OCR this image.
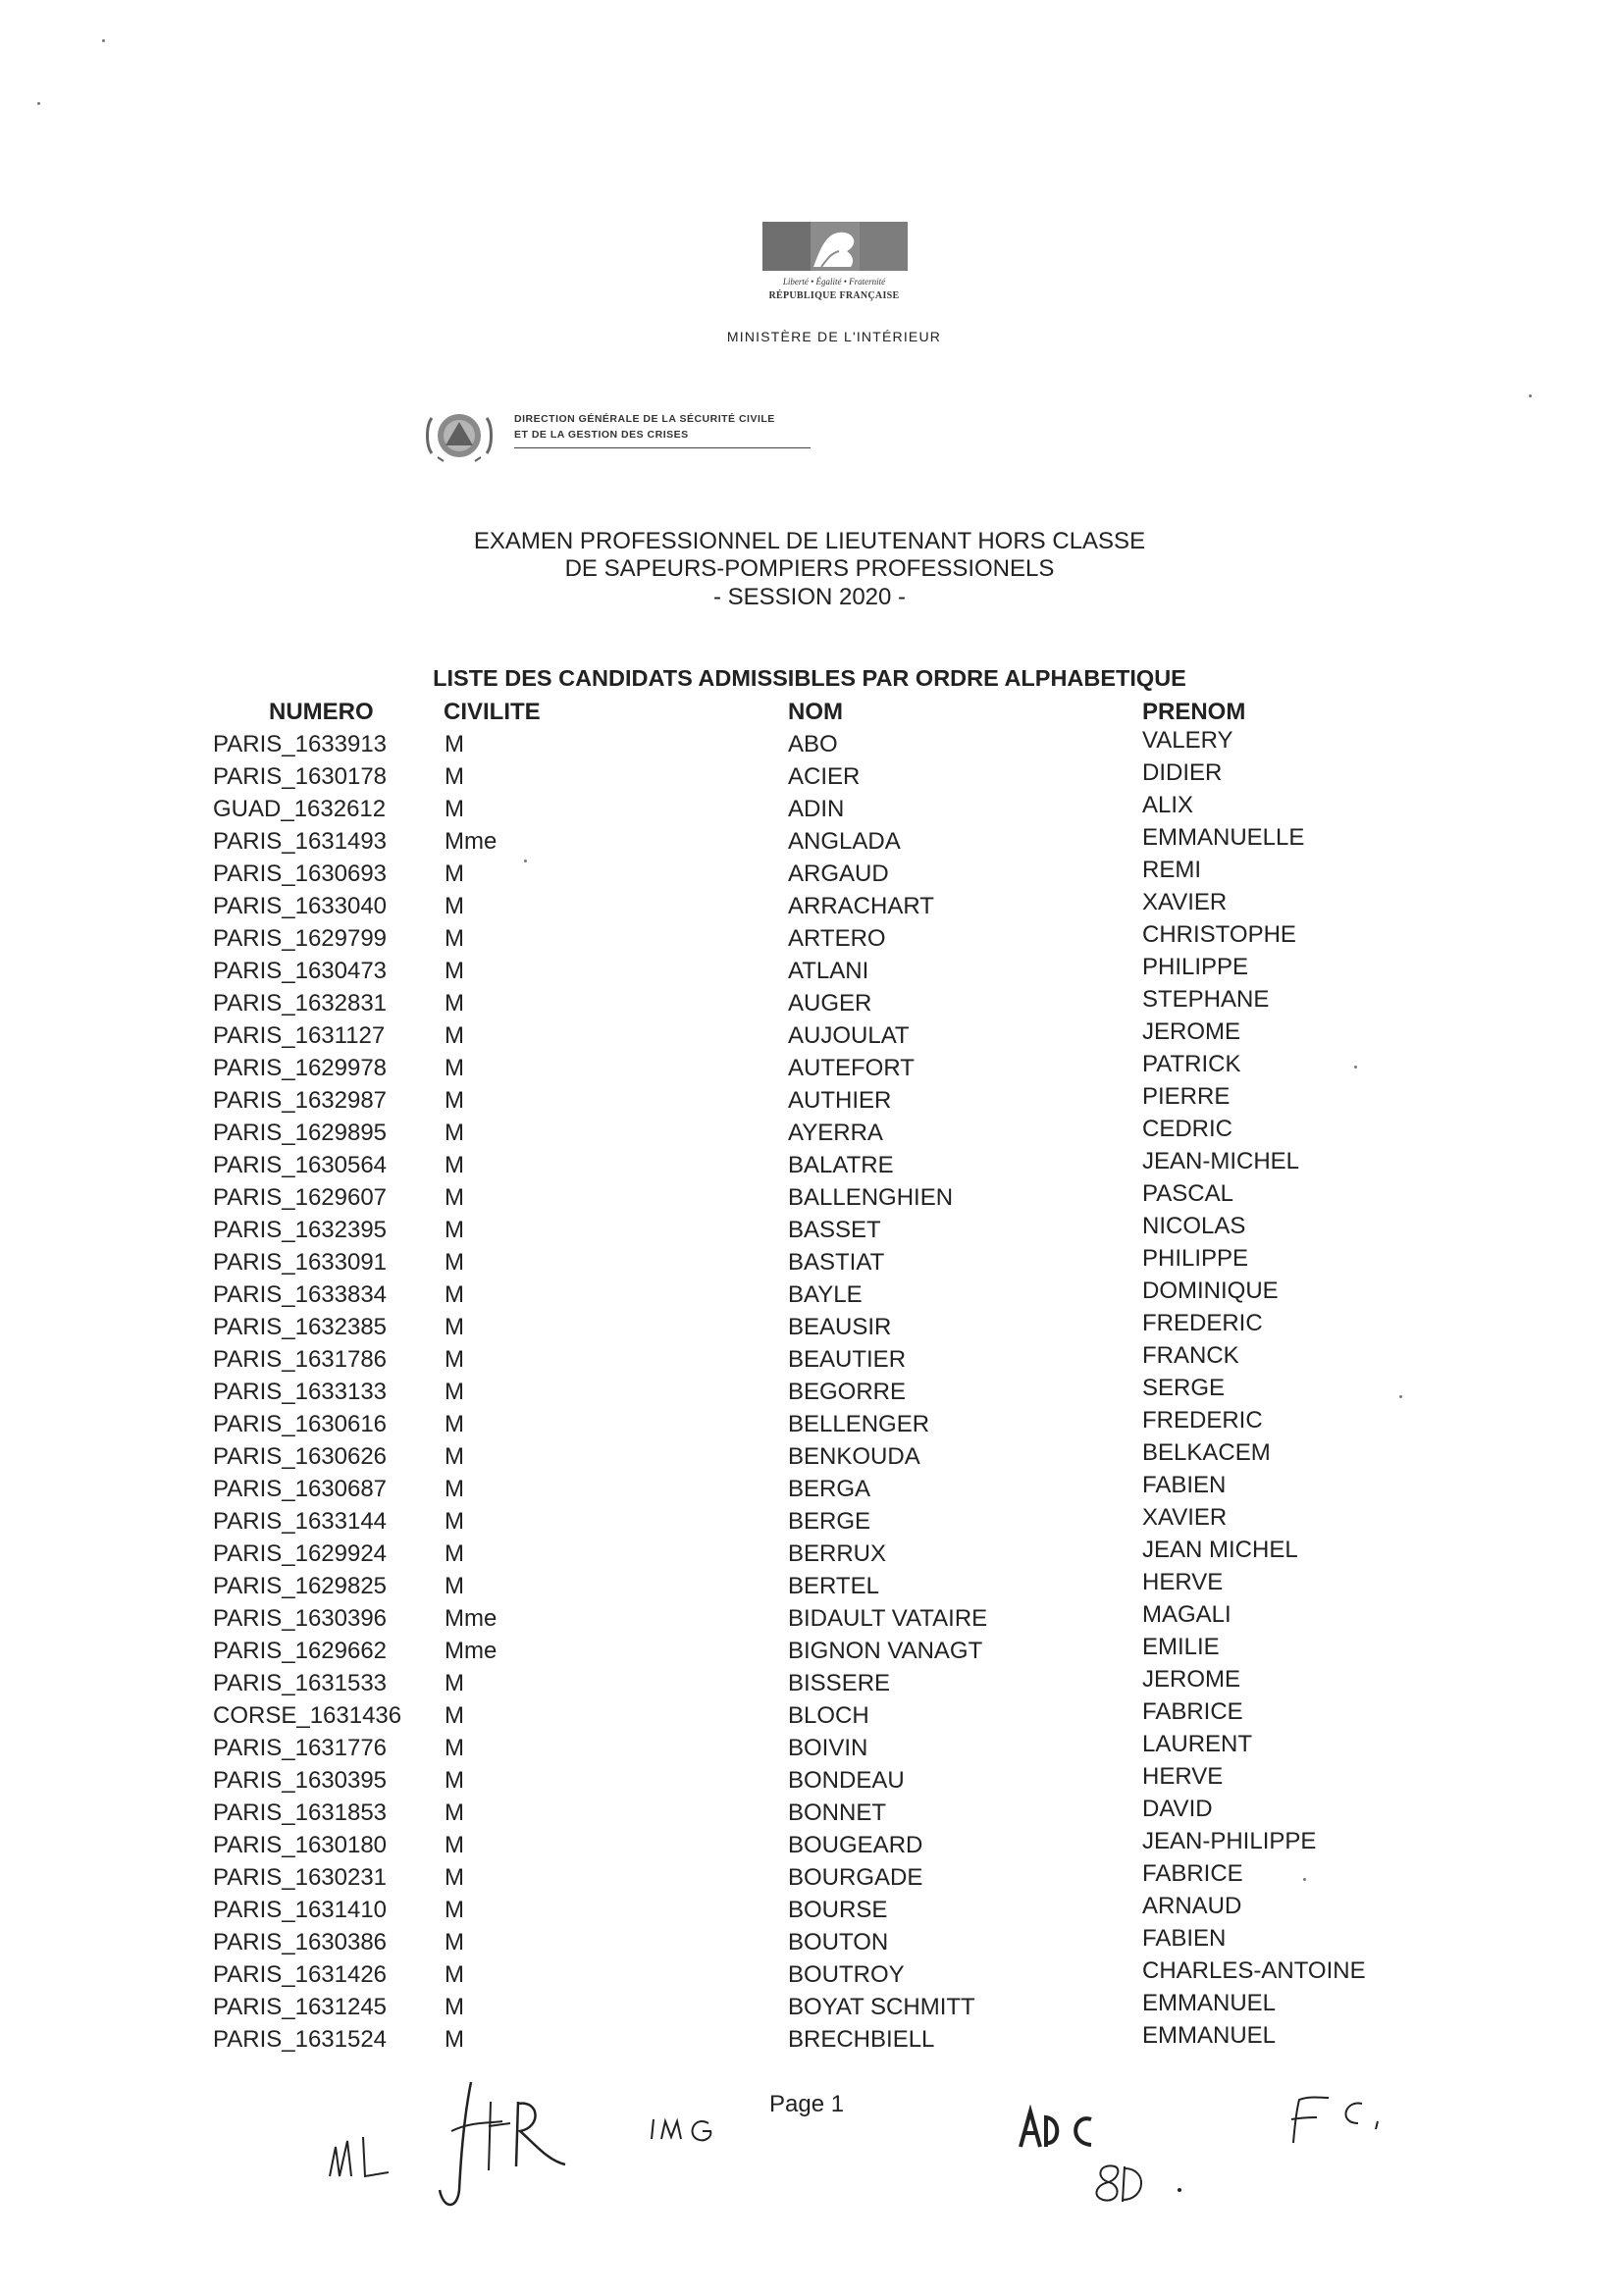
Liberté • Égalité • Fraternité
RÉPUBLIQUE FRANÇAISE
MINISTÈRE DE L'INTÉRIEUR
DIRECTION GÉNÉRALE DE LA SÉCURITÉ CIVILE
ET DE LA GESTION DES CRISES
EXAMEN PROFESSIONNEL DE LIEUTENANT HORS CLASSE
DE SAPEURS-POMPIERS PROFESSIONELS
- SESSION 2020 -
LISTE DES CANDIDATS ADMISSIBLES PAR ORDRE ALPHABETIQUE
NUMERO	CIVILITE	NOM	PRENOM
PARIS_1633913 M	ABO	VALERY
PARIS_1630178 M	ACIER	DIDIER
GUAD_1632612 M	ADIN	ALIX
PARIS_1631493 Mme	ANGLADA	EMMANUELLE
PARIS_1630693 M	ARGAUD	REMI
PARIS_1633040 M	ARRACHART	XAVIER
PARIS_1629799 M	ARTERO	CHRISTOPHE
PARIS_1630473 M	ATLANI	PHILIPPE
PARIS_1632831 M	AUGER	STEPHANE
PARIS_1631127	M	AUJOULAT	JEROME
PARIS_1629978 M	AUTEFORT	PATRICK
PARIS_1632987 M	AUTHIER	PIERRE
PARIS_1629895 M	AYERRA	CEDRIC
PARIS_1630564 M	BALATRE	JEAN-MICHEL
PARIS_1629607 M	BALLENGHIEN	PASCAL
PARIS_1632395 M	BASSET	NICOLAS
PARIS_1633091 M	BASTIAT	PHILIPPE
PARIS_1633834 M	BAYLE	DOMINIQUE
PARIS_1632385 M	BEAUSIR	FREDERIC
PARIS_1631786 M	BEAUTIER	FRANCK
PARIS_1633133 M	BEGORRE	SERGE
PARIS_1630616 M	BELLENGER	FREDERIC
PARIS_1630626 M	BENKOUDA	BELKACEM
PARIS_1630687 M	BERGA	FABIEN
PARIS_1633144 M	BERGE	XAVIER
PARIS_1629924 M	BERRUX	JEAN MICHEL
PARIS_1629825 M	BERTEL	HERVE
PARIS_1630396 Mme	BIDAULT VATAIRE	MAGALI
PARIS_1629662 Mme	BIGNON VANAGT	EMILIE
PARIS_1631533 M	BISSERE	JEROME
CORSE_1631436 M	BLOCH	FABRICE
PARIS_1631776 M	BOIVIN	LAURENT
PARIS_1630395 M	BONDEAU	HERVE
PARIS_1631853 M	BONNET	DAVID
PARIS_1630180 M	BOUGEARD	JEAN-PHILIPPE
PARIS_1630231 M	BOURGADE	FABRICE
PARIS_1631410 M	BOURSE	ARNAUD
PARIS_1630386 M	BOUTON	FABIEN
PARIS_1631426 M	BOUTROY	CHARLES-ANTOINE
PARIS_1631245 M	BOYAT SCHMITT	EMMANUEL
PARIS_1631524 M	BRECHBIELL	EMMANUEL
Page 1
